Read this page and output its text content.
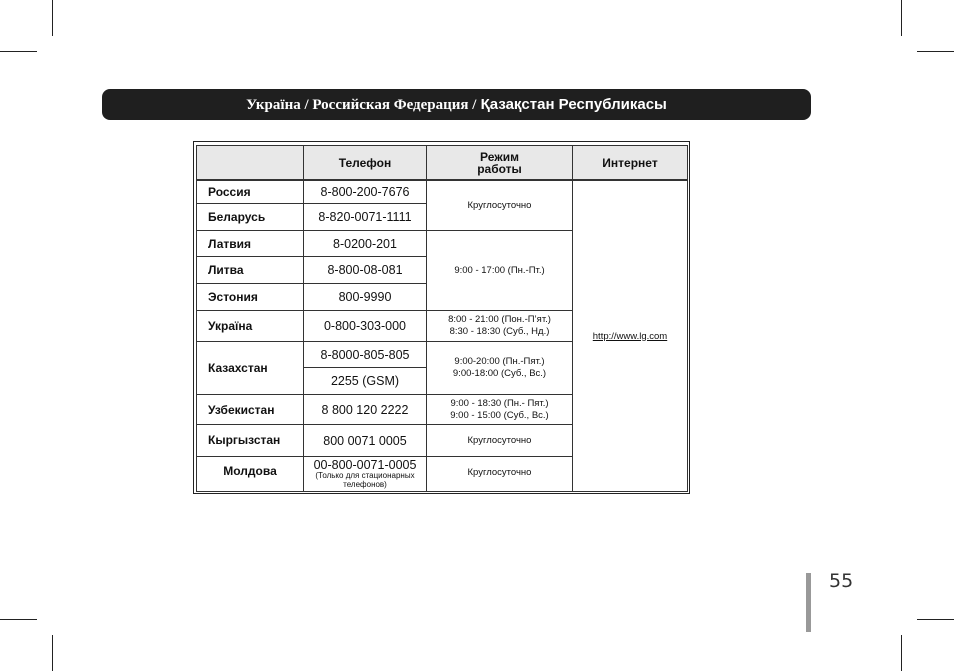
Україна / Российская Федерация / Қазақстан Республикасы
Телефон	Режим
работы	Интернет
Россия
Беларусь
Латвия
Литва
Эстония
Україна
Казахстан
Узбекистан
Кыргызстан
Молдова
8-800-200-7676
8-820-0071-1111
8-0200-201
8-800-08-081
800-9990
0-800-303-000
8-8000-805-805
2255 (GSM)
8 800 120 2222
800 0071 0005
00-800-0071-0005
(Только для стационарных
телефонов)
Круглосуточно
9:00 - 17:00 (Пн.-Пт.)
8:00 - 21:00 (Пон.-П’ят.)
8:30 - 18:30 (Суб., Нд.)
9:00-20:00 (Пн.-Пят.)
9:00-18:00 (Суб., Вс.)
9:00 - 18:30 (Пн.- Пят.)
9:00 - 15:00 (Суб., Вс.)
Круглосуточно
Круглосуточно
http://www.lg.com
55
